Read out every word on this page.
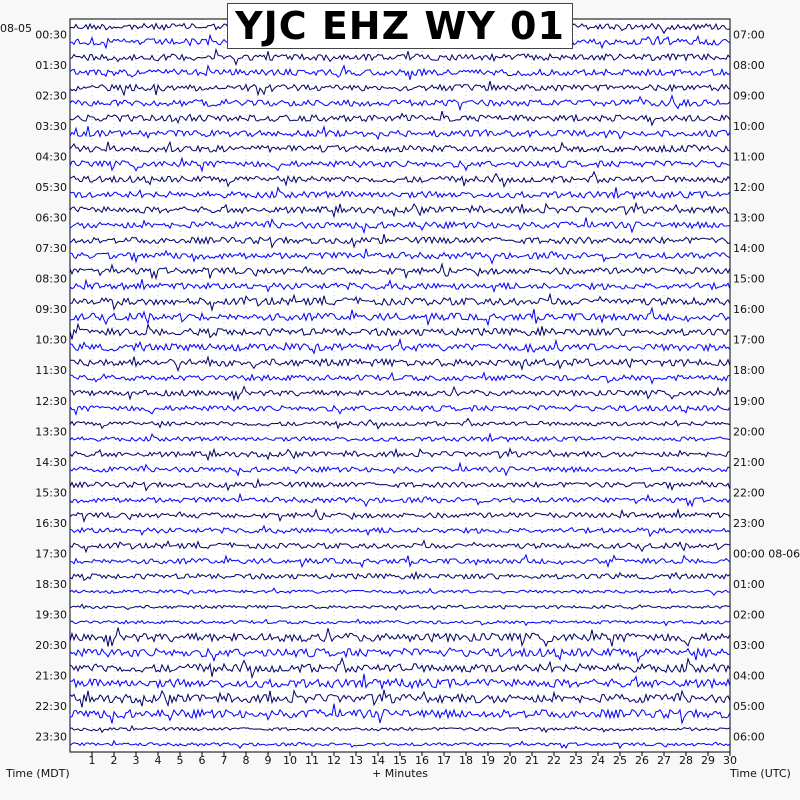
1 2 3 4 5 6 7 8 9 10 11 12 13 14 15 16 17 18 19 20 21 22 23 24 25 26 27 28 29 30
00:30
01:30
02:30
03:30
04:30
05:30
06:30
07:30
08:30
09:30
10:30
11:30
12:30
13:30
14:30
15:30
16:30
17:30
18:30
19:30
20:30
21:30
22:30
23:30
07:00
08:00
09:00
10:00
11:00
12:00
13:00
14:00
15:00
16:00
17:00
18:00
19:00
20:00
21:00
22:00
23:00
00:00 08-06
01:00
02:00
03:00
04:00
05:00
06:00
YJC EHZ WY 01
08-05
Time (MDT)	+ Minutes	Time (UTC)
